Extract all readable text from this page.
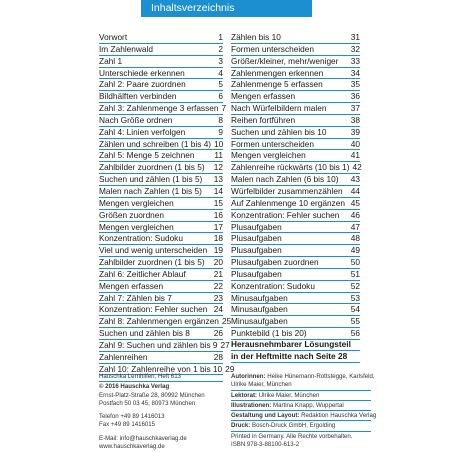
Inhaltsverzeichnis
Vorwort	1
Im Zahlenwald	2
Zahl 1	3
Unterschiede erkennen	4
Zahl 2: Paare zuordnen	5
Bildhälften verbinden	6
Zahl 3: Zahlenmenge 3 erfassen 7
Nach Größe ordnen	8
Zahl 4: Linien verfolgen	9
Zählen und schreiben (1 bis 4) 10
Zahl 5: Menge 5 zeichnen	11
Zahlbilder zuordnen (1 bis 5)	12
Suchen und zählen (1 bis 5)	13
Malen nach Zahlen (1 bis 5)	14
Mengen vergleichen	15
Größen zuordnen	16
Mengen vergleichen	17
Konzentration: Sudoku	18
Viel und wenig unterscheiden 19
Zahlbilder zuordnen (1 bis 5)	20
Zahl 6: Zeitlicher Ablauf	21
Mengen erfassen	22
Zahl 7: Zählen bis 7	23
Konzentration: Fehler suchen 24
Zahl 8: Zahlenmengen ergänzen 25
Suchen und zählen bis 8	26
Zahl 9: Suchen und zählen bis 9 27
Zahlenreihen	28
Zahl 10: Zahlenreihe von 1 bis 10 29
Zählen bis 10	31
Formen unterscheiden	32
Größer/kleiner, mehr/weniger	33
Zahlenmengen erkennen	34
Zahlenmenge 5 erfassen	35
Mengen erfassen	36
Nach Würfelbildern malen	37
Reihen fortführen	38
Suchen und zählen bis 10	39
Formen unterscheiden	40
Mengen vergleichen	41
Zahlenreihe rückwärts (10 bis 1) 42
Malen nach Zahlen (6 bis 10)	43
Würfelbilder zusammenzählen 44
Auf Zahlenmenge 10 ergänzen 45
Konzentration: Fehler suchen	46
Plusaufgaben	47
Plusaufgaben	48
Plusaufgaben	49
Plusaufgaben zuordnen	50
Plusaufgaben	51
Konzentration: Sudoku	52
Minusaufgaben	53
Minusaufgaben	54
Minusaufgaben	55
Punktebild (1 bis 20)	56
Herausnehmbarer Lösungsteil
in der Heftmitte nach Seite 28
Hauschka Lernhilfen, Heft 613
© 2016 Hauschka Verlag
Ernst-Platz-Straße 28, 80992 München
Postfach 50 03 45, 80973 München
Telefon +49 89 1416013
Fax +49 89 1416015
E-Mail: info@hauschkaverlag.de
www.hauschkaverlag.de
Autorinnen: Heike Hünemann-Rottstegge, Karlsfeld,
Ulrike Maier, München
Lektorat: Ulrike Maier, München
Illustrationen: Martina Knapp, Wuppertal
Gestaltung und Layout: Redaktion Hauschka Verlag
Druck: Bosch-Druck GmbH, Ergolding
Printed in Germany. Alle Rechte vorbehalten.
ISBN 978-3-88100-613-2
